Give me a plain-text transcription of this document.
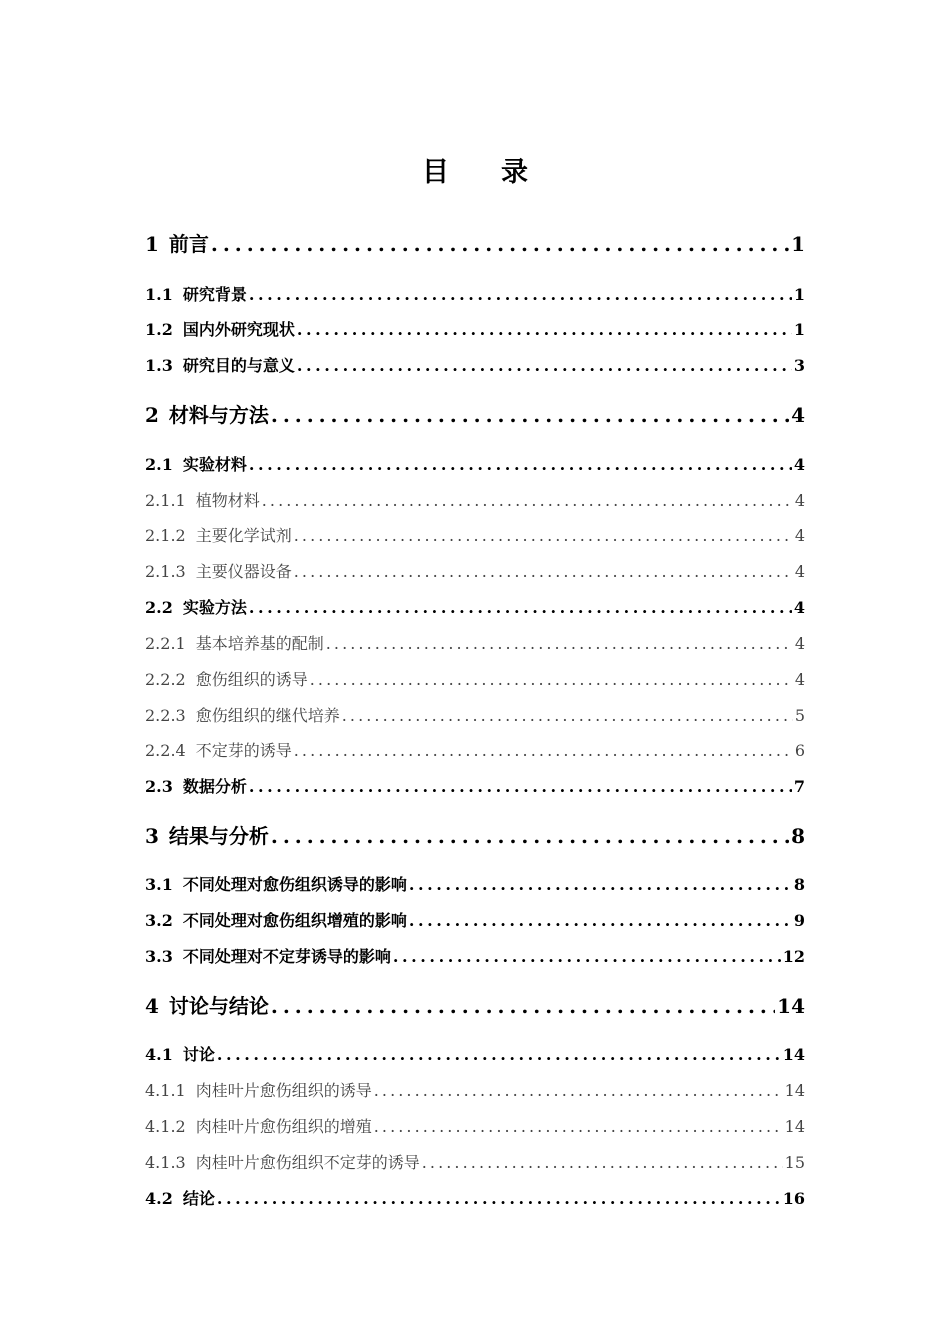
目 录
1 前言 . . .	1
1.1 研究背景 . . .	1
1.2 国内外研究现状 . . .	1
1.3 研究目的与意义 . . .	3
2 材料与方法 . . .	4
2.1 实验材料 . . .	4
2.1.1 植物材料 . . .	4
2.1.2 主要化学试剂 . . .	4
2.1.3 主要仪器设备 . . .	4
2.2 实验方法 . . .	4
2.2.1 基本培养基的配制 . . .	4
2.2.2 愈伤组织的诱导 . . .	4
2.2.3 愈伤组织的继代培养 . . .	5
2.2.4 不定芽的诱导 . . .	6
2.3 数据分析 . . .	7
3 结果与分析 . . .	8
3.1 不同处理对愈伤组织诱导的影响 . . .	8
3.2 不同处理对愈伤组织增殖的影响 . . .	9
3.3 不同处理对不定芽诱导的影响 . . .	12
4 讨论与结论 . . .	14
4.1 讨论 . . .	14
4.1.1 肉桂叶片愈伤组织的诱导 . . .	14
4.1.2 肉桂叶片愈伤组织的增殖 . . .	14
4.1.3 肉桂叶片愈伤组织不定芽的诱导 . . .	15
4.2 结论 . . .	16
